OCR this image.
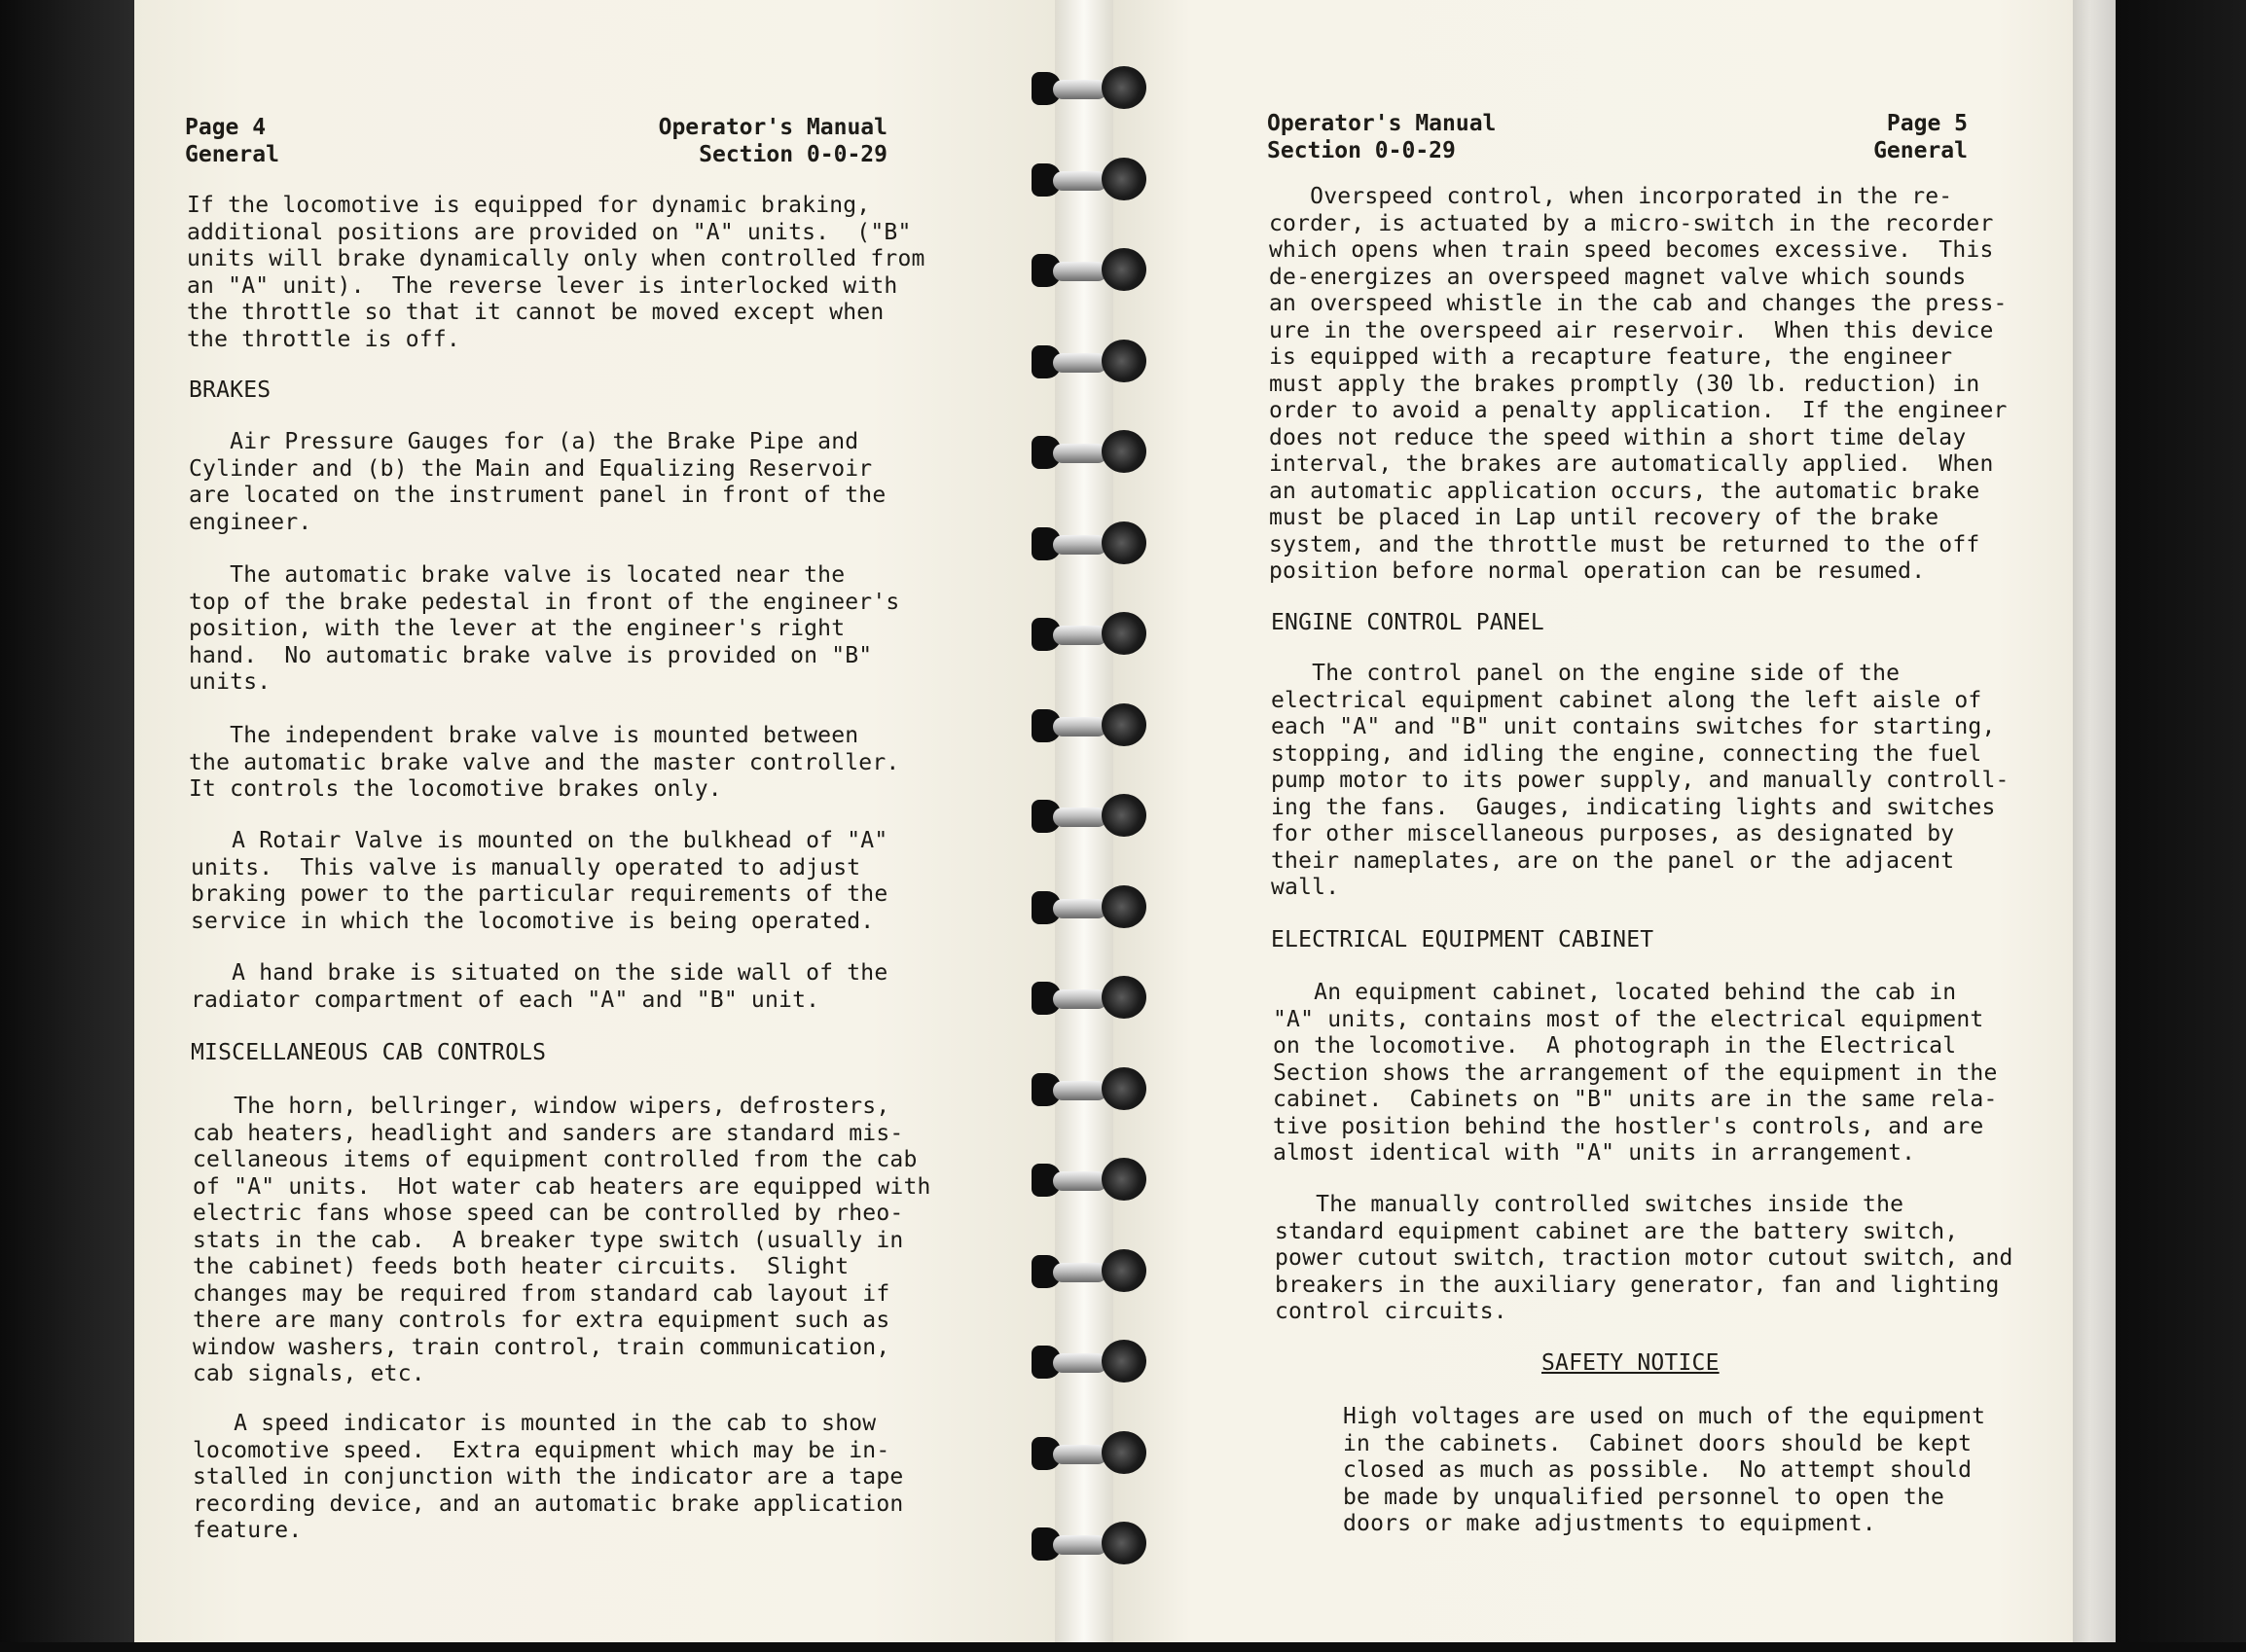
Page 4
General
Operator's Manual
Section 0-0-29
If the locomotive is equipped for dynamic braking,
additional positions are provided on "A" units.  ("B"
units will brake dynamically only when controlled from
an "A" unit).  The reverse lever is interlocked with
the throttle so that it cannot be moved except when
the throttle is off.
BRAKES
Air Pressure Gauges for (a) the Brake Pipe and
Cylinder and (b) the Main and Equalizing Reservoir
are located on the instrument panel in front of the
engineer.
The automatic brake valve is located near the
top of the brake pedestal in front of the engineer's
position, with the lever at the engineer's right
hand.  No automatic brake valve is provided on "B"
units.
The independent brake valve is mounted between
the automatic brake valve and the master controller.
It controls the locomotive brakes only.
A Rotair Valve is mounted on the bulkhead of "A"
units.  This valve is manually operated to adjust
braking power to the particular requirements of the
service in which the locomotive is being operated.
A hand brake is situated on the side wall of the
radiator compartment of each "A" and "B" unit.
MISCELLANEOUS CAB CONTROLS
The horn, bellringer, window wipers, defrosters,
cab heaters, headlight and sanders are standard mis-
cellaneous items of equipment controlled from the cab
of "A" units.  Hot water cab heaters are equipped with
electric fans whose speed can be controlled by rheo-
stats in the cab.  A breaker type switch (usually in
the cabinet) feeds both heater circuits.  Slight
changes may be required from standard cab layout if
there are many controls for extra equipment such as
window washers, train control, train communication,
cab signals, etc.
A speed indicator is mounted in the cab to show
locomotive speed.  Extra equipment which may be in-
stalled in conjunction with the indicator are a tape
recording device, and an automatic brake application
feature.
Operator's Manual
Section 0-0-29
Page 5
General
Overspeed control, when incorporated in the re-
corder, is actuated by a micro-switch in the recorder
which opens when train speed becomes excessive.  This
de-energizes an overspeed magnet valve which sounds
an overspeed whistle in the cab and changes the press-
ure in the overspeed air reservoir.  When this device
is equipped with a recapture feature, the engineer
must apply the brakes promptly (30 lb. reduction) in
order to avoid a penalty application.  If the engineer
does not reduce the speed within a short time delay
interval, the brakes are automatically applied.  When
an automatic application occurs, the automatic brake
must be placed in Lap until recovery of the brake
system, and the throttle must be returned to the off
position before normal operation can be resumed.
ENGINE CONTROL PANEL
The control panel on the engine side of the
electrical equipment cabinet along the left aisle of
each "A" and "B" unit contains switches for starting,
stopping, and idling the engine, connecting the fuel
pump motor to its power supply, and manually controll-
ing the fans.  Gauges, indicating lights and switches
for other miscellaneous purposes, as designated by
their nameplates, are on the panel or the adjacent
wall.
ELECTRICAL EQUIPMENT CABINET
An equipment cabinet, located behind the cab in
"A" units, contains most of the electrical equipment
on the locomotive.  A photograph in the Electrical
Section shows the arrangement of the equipment in the
cabinet.  Cabinets on "B" units are in the same rela-
tive position behind the hostler's controls, and are
almost identical with "A" units in arrangement.
The manually controlled switches inside the
standard equipment cabinet are the battery switch,
power cutout switch, traction motor cutout switch, and
breakers in the auxiliary generator, fan and lighting
control circuits.
SAFETY NOTICE
High voltages are used on much of the equipment
in the cabinets.  Cabinet doors should be kept
closed as much as possible.  No attempt should
be made by unqualified personnel to open the
doors or make adjustments to equipment.
